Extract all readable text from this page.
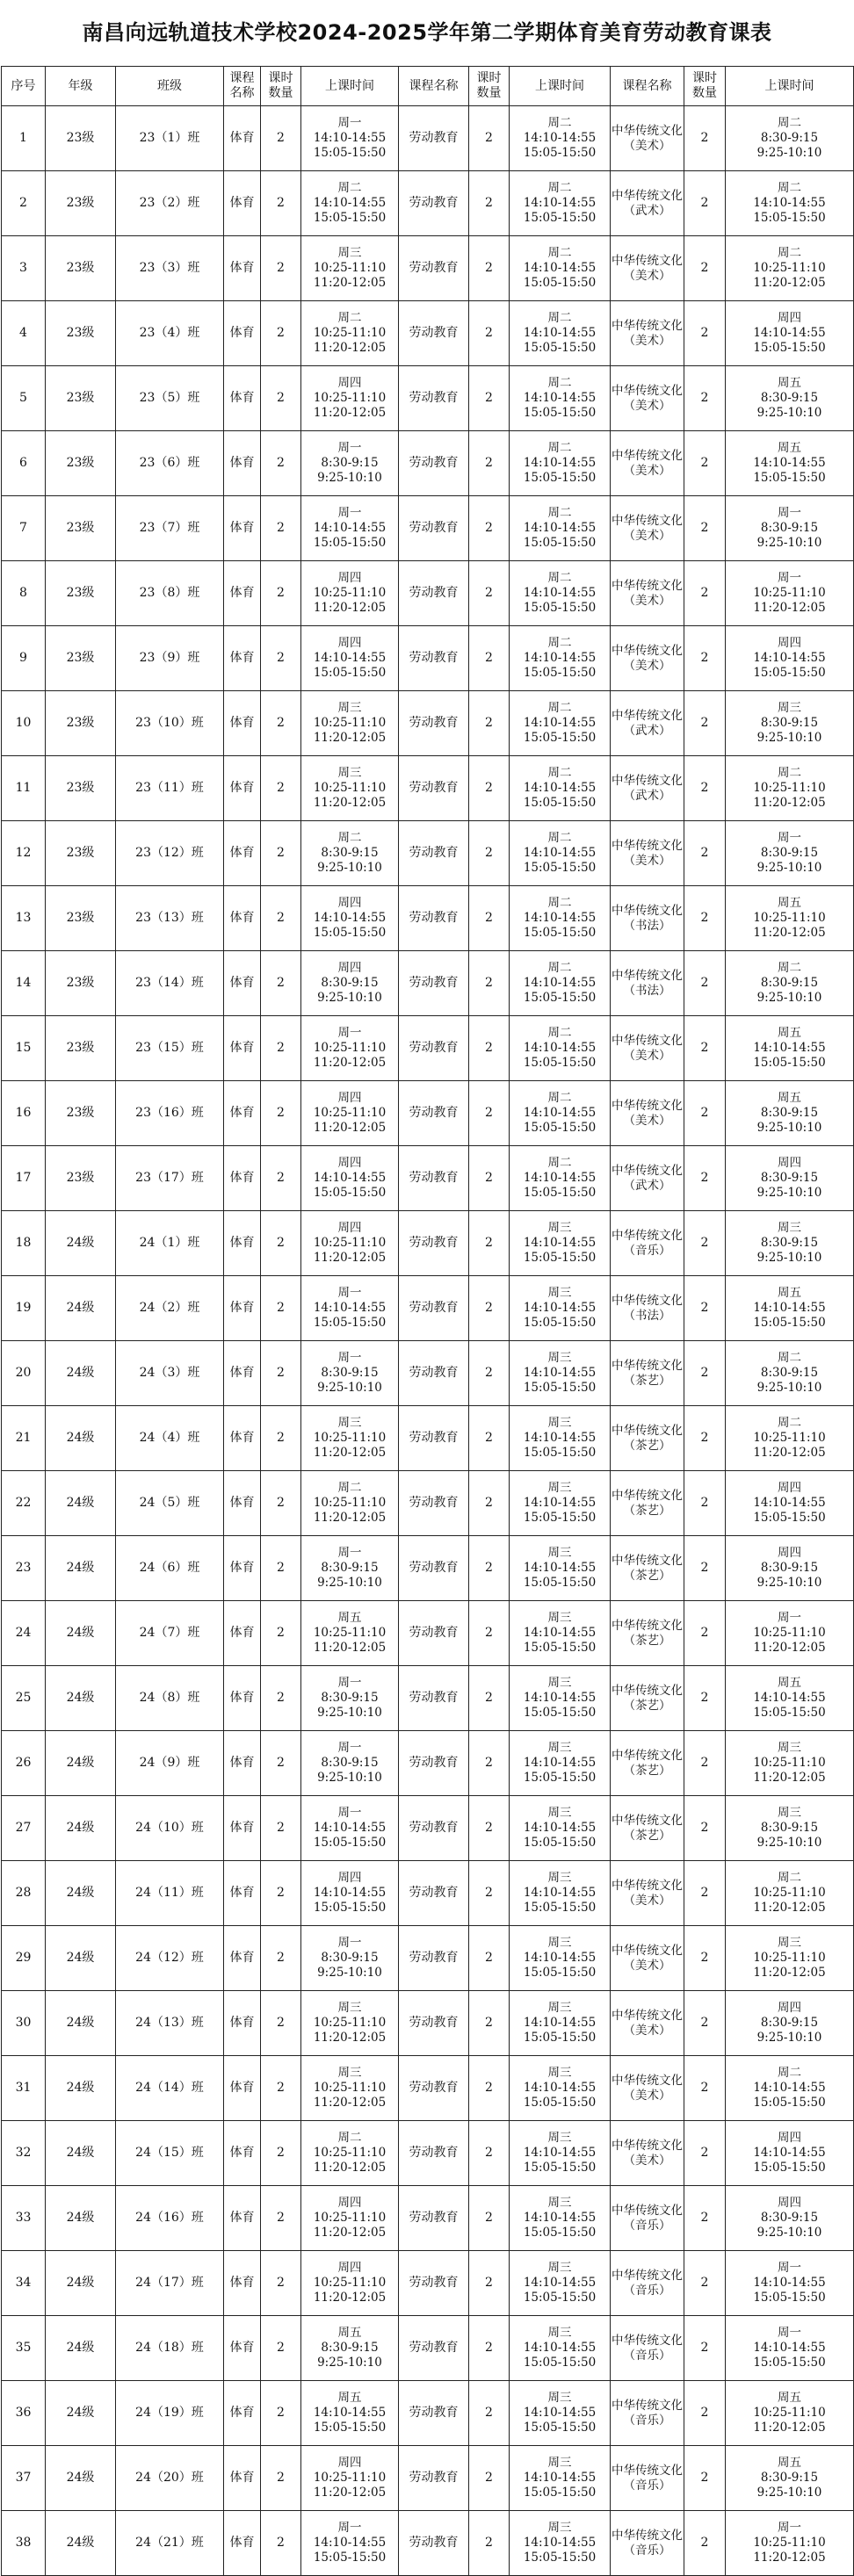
南昌向远轨道技术学校2024-2025学年第二学期体育美育劳动教育课表
序号	年级	班级	课程
名称	课时
数量	上课时间	课程名称	课时
数量	上课时间	课程名称	课时
数量	上课时间
1	23级	23（1）班	体育	2	周一
14:10-14:55
15:05-15:50	劳动教育	2	周二
14:10-14:55
15:05-15:50	中华传统文化
（美术）	2	周二
8:30-9:15
9:25-10:10
2	23级	23（2）班	体育	2	周二
14:10-14:55
15:05-15:50	劳动教育	2	周二
14:10-14:55
15:05-15:50	中华传统文化
（武术）	2	周二
14:10-14:55
15:05-15:50
3	23级	23（3）班	体育	2	周三
10:25-11:10
11:20-12:05	劳动教育	2	周二
14:10-14:55
15:05-15:50	中华传统文化
（美术）	2	周二
10:25-11:10
11:20-12:05
4	23级	23（4）班	体育	2	周二
10:25-11:10
11:20-12:05	劳动教育	2	周二
14:10-14:55
15:05-15:50	中华传统文化
（美术）	2	周四
14:10-14:55
15:05-15:50
5	23级	23（5）班	体育	2	周四
10:25-11:10
11:20-12:05	劳动教育	2	周二
14:10-14:55
15:05-15:50	中华传统文化
（美术）	2	周五
8:30-9:15
9:25-10:10
6	23级	23（6）班	体育	2	周一
8:30-9:15
9:25-10:10	劳动教育	2	周二
14:10-14:55
15:05-15:50	中华传统文化
（美术）	2	周五
14:10-14:55
15:05-15:50
7	23级	23（7）班	体育	2	周一
14:10-14:55
15:05-15:50	劳动教育	2	周二
14:10-14:55
15:05-15:50	中华传统文化
（美术）	2	周一
8:30-9:15
9:25-10:10
8	23级	23（8）班	体育	2	周四
10:25-11:10
11:20-12:05	劳动教育	2	周二
14:10-14:55
15:05-15:50	中华传统文化
（美术）	2	周一
10:25-11:10
11:20-12:05
9	23级	23（9）班	体育	2	周四
14:10-14:55
15:05-15:50	劳动教育	2	周二
14:10-14:55
15:05-15:50	中华传统文化
（美术）	2	周四
14:10-14:55
15:05-15:50
10	23级	23（10）班	体育	2	周三
10:25-11:10
11:20-12:05	劳动教育	2	周二
14:10-14:55
15:05-15:50	中华传统文化
（武术）	2	周三
8:30-9:15
9:25-10:10
11	23级	23（11）班	体育	2	周三
10:25-11:10
11:20-12:05	劳动教育	2	周二
14:10-14:55
15:05-15:50	中华传统文化
（武术）	2	周二
10:25-11:10
11:20-12:05
12	23级	23（12）班	体育	2	周二
8:30-9:15
9:25-10:10	劳动教育	2	周二
14:10-14:55
15:05-15:50	中华传统文化
（美术）	2	周一
8:30-9:15
9:25-10:10
13	23级	23（13）班	体育	2	周四
14:10-14:55
15:05-15:50	劳动教育	2	周二
14:10-14:55
15:05-15:50	中华传统文化
（书法）	2	周五
10:25-11:10
11:20-12:05
14	23级	23（14）班	体育	2	周四
8:30-9:15
9:25-10:10	劳动教育	2	周二
14:10-14:55
15:05-15:50	中华传统文化
（书法）	2	周二
8:30-9:15
9:25-10:10
15	23级	23（15）班	体育	2	周一
10:25-11:10
11:20-12:05	劳动教育	2	周二
14:10-14:55
15:05-15:50	中华传统文化
（美术）	2	周五
14:10-14:55
15:05-15:50
16	23级	23（16）班	体育	2	周四
10:25-11:10
11:20-12:05	劳动教育	2	周二
14:10-14:55
15:05-15:50	中华传统文化
（美术）	2	周五
8:30-9:15
9:25-10:10
17	23级	23（17）班	体育	2	周四
14:10-14:55
15:05-15:50	劳动教育	2	周二
14:10-14:55
15:05-15:50	中华传统文化
（武术）	2	周四
8:30-9:15
9:25-10:10
18	24级	24（1）班	体育	2	周四
10:25-11:10
11:20-12:05	劳动教育	2	周三
14:10-14:55
15:05-15:50	中华传统文化
（音乐）	2	周三
8:30-9:15
9:25-10:10
19	24级	24（2）班	体育	2	周一
14:10-14:55
15:05-15:50	劳动教育	2	周三
14:10-14:55
15:05-15:50	中华传统文化
（书法）	2	周五
14:10-14:55
15:05-15:50
20	24级	24（3）班	体育	2	周一
8:30-9:15
9:25-10:10	劳动教育	2	周三
14:10-14:55
15:05-15:50	中华传统文化
（茶艺）	2	周二
8:30-9:15
9:25-10:10
21	24级	24（4）班	体育	2	周三
10:25-11:10
11:20-12:05	劳动教育	2	周三
14:10-14:55
15:05-15:50	中华传统文化
（茶艺）	2	周二
10:25-11:10
11:20-12:05
22	24级	24（5）班	体育	2	周二
10:25-11:10
11:20-12:05	劳动教育	2	周三
14:10-14:55
15:05-15:50	中华传统文化
（茶艺）	2	周四
14:10-14:55
15:05-15:50
23	24级	24（6）班	体育	2	周一
8:30-9:15
9:25-10:10	劳动教育	2	周三
14:10-14:55
15:05-15:50	中华传统文化
（茶艺）	2	周四
8:30-9:15
9:25-10:10
24	24级	24（7）班	体育	2	周五
10:25-11:10
11:20-12:05	劳动教育	2	周三
14:10-14:55
15:05-15:50	中华传统文化
（茶艺）	2	周一
10:25-11:10
11:20-12:05
25	24级	24（8）班	体育	2	周一
8:30-9:15
9:25-10:10	劳动教育	2	周三
14:10-14:55
15:05-15:50	中华传统文化
（茶艺）	2	周五
14:10-14:55
15:05-15:50
26	24级	24（9）班	体育	2	周一
8:30-9:15
9:25-10:10	劳动教育	2	周三
14:10-14:55
15:05-15:50	中华传统文化
（茶艺）	2	周三
10:25-11:10
11:20-12:05
27	24级	24（10）班	体育	2	周一
14:10-14:55
15:05-15:50	劳动教育	2	周三
14:10-14:55
15:05-15:50	中华传统文化
（茶艺）	2	周三
8:30-9:15
9:25-10:10
28	24级	24（11）班	体育	2	周四
14:10-14:55
15:05-15:50	劳动教育	2	周三
14:10-14:55
15:05-15:50	中华传统文化
（美术）	2	周二
10:25-11:10
11:20-12:05
29	24级	24（12）班	体育	2	周一
8:30-9:15
9:25-10:10	劳动教育	2	周三
14:10-14:55
15:05-15:50	中华传统文化
（美术）	2	周三
10:25-11:10
11:20-12:05
30	24级	24（13）班	体育	2	周三
10:25-11:10
11:20-12:05	劳动教育	2	周三
14:10-14:55
15:05-15:50	中华传统文化
（美术）	2	周四
8:30-9:15
9:25-10:10
31	24级	24（14）班	体育	2	周三
10:25-11:10
11:20-12:05	劳动教育	2	周三
14:10-14:55
15:05-15:50	中华传统文化
（美术）	2	周二
14:10-14:55
15:05-15:50
32	24级	24（15）班	体育	2	周二
10:25-11:10
11:20-12:05	劳动教育	2	周三
14:10-14:55
15:05-15:50	中华传统文化
（美术）	2	周四
14:10-14:55
15:05-15:50
33	24级	24（16）班	体育	2	周四
10:25-11:10
11:20-12:05	劳动教育	2	周三
14:10-14:55
15:05-15:50	中华传统文化
（音乐）	2	周四
8:30-9:15
9:25-10:10
34	24级	24（17）班	体育	2	周四
10:25-11:10
11:20-12:05	劳动教育	2	周三
14:10-14:55
15:05-15:50	中华传统文化
（音乐）	2	周一
14:10-14:55
15:05-15:50
35	24级	24（18）班	体育	2	周五
8:30-9:15
9:25-10:10	劳动教育	2	周三
14:10-14:55
15:05-15:50	中华传统文化
（音乐）	2	周一
14:10-14:55
15:05-15:50
36	24级	24（19）班	体育	2	周五
14:10-14:55
15:05-15:50	劳动教育	2	周三
14:10-14:55
15:05-15:50	中华传统文化
（音乐）	2	周五
10:25-11:10
11:20-12:05
37	24级	24（20）班	体育	2	周四
10:25-11:10
11:20-12:05	劳动教育	2	周三
14:10-14:55
15:05-15:50	中华传统文化
（音乐）	2	周五
8:30-9:15
9:25-10:10
38	24级	24（21）班	体育	2	周一
14:10-14:55
15:05-15:50	劳动教育	2	周三
14:10-14:55
15:05-15:50	中华传统文化
（音乐）	2	周一
10:25-11:10
11:20-12:05
